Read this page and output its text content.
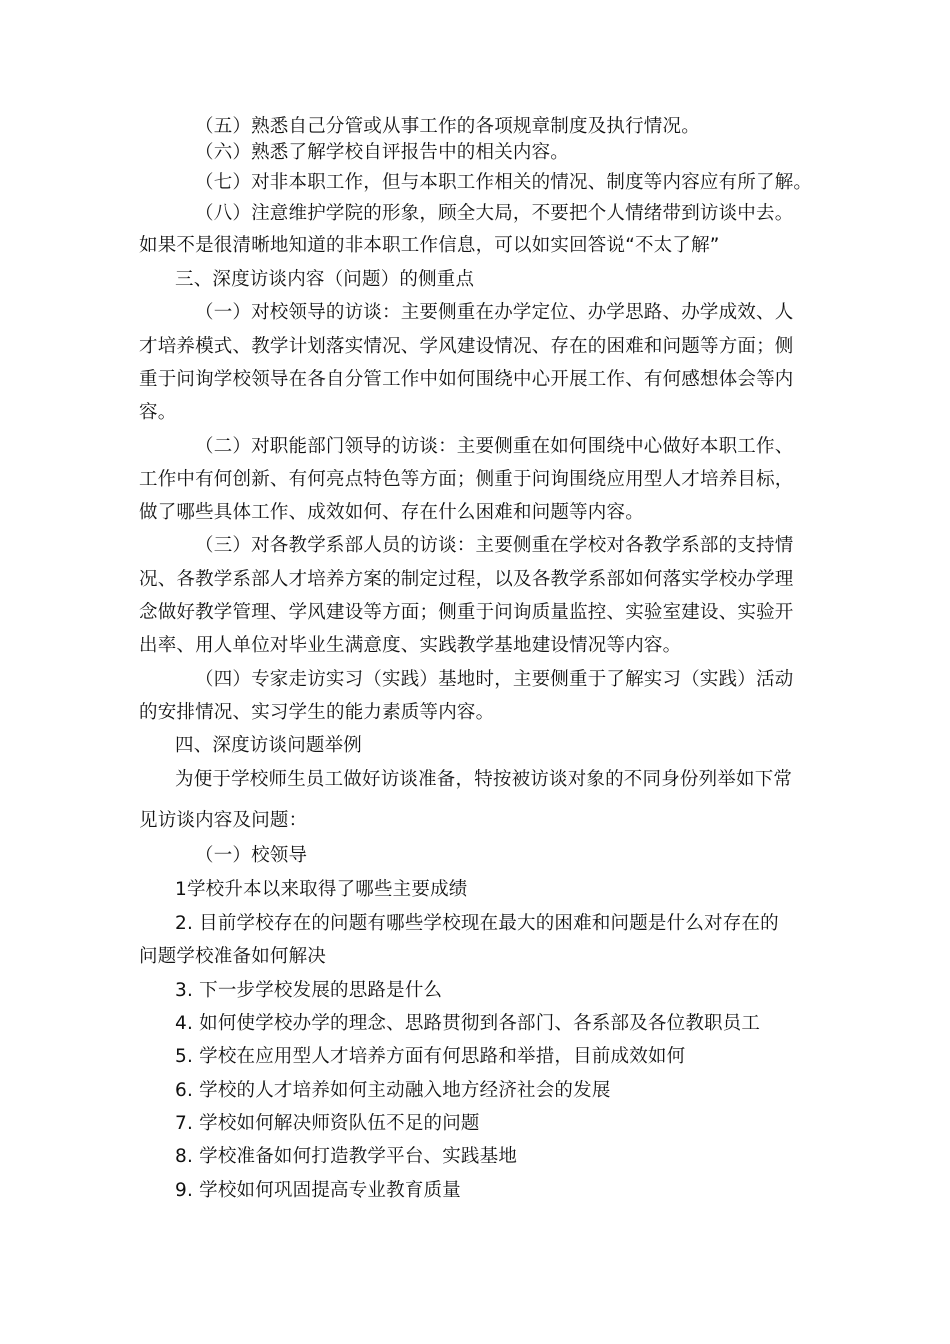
（五）熟悉自己分管或从事工作的各项规章制度及执行情况。
（六）熟悉了解学校自评报告中的相关内容。
（七）对非本职工作，但与本职工作相关的情况、制度等内容应有所了解。
（八）注意维护学院的形象，顾全大局，不要把个人情绪带到访谈中去。
如果不是很清晰地知道的非本职工作信息，可以如实回答说“不太了解”
三、深度访谈内容（问题）的侧重点
（一）对校领导的访谈：主要侧重在办学定位、办学思路、办学成效、人
才培养模式、教学计划落实情况、学风建设情况、存在的困难和问题等方面；侧
重于问询学校领导在各自分管工作中如何围绕中心开展工作、有何感想体会等内
容。
（二）对职能部门领导的访谈：主要侧重在如何围绕中心做好本职工作、
工作中有何创新、有何亮点特色等方面；侧重于问询围绕应用型人才培养目标，
做了哪些具体工作、成效如何、存在什么困难和问题等内容。
（三）对各教学系部人员的访谈：主要侧重在学校对各教学系部的支持情
况、各教学系部人才培养方案的制定过程，以及各教学系部如何落实学校办学理
念做好教学管理、学风建设等方面；侧重于问询质量监控、实验室建设、实验开
出率、用人单位对毕业生满意度、实践教学基地建设情况等内容。
（四）专家走访实习（实践）基地时，主要侧重于了解实习（实践）活动
的安排情况、实习学生的能力素质等内容。
四、深度访谈问题举例
为便于学校师生员工做好访谈准备，特按被访谈对象的不同身份列举如下常
见访谈内容及问题：
（一）校领导
1学校升本以来取得了哪些主要成绩
2. 目前学校存在的问题有哪些学校现在最大的困难和问题是什么对存在的
问题学校准备如何解决
3. 下一步学校发展的思路是什么
4. 如何使学校办学的理念、思路贯彻到各部门、各系部及各位教职员工
5. 学校在应用型人才培养方面有何思路和举措，目前成效如何
6. 学校的人才培养如何主动融入地方经济社会的发展
7. 学校如何解决师资队伍不足的问题
8. 学校准备如何打造教学平台、实践基地
9. 学校如何巩固提高专业教育质量
